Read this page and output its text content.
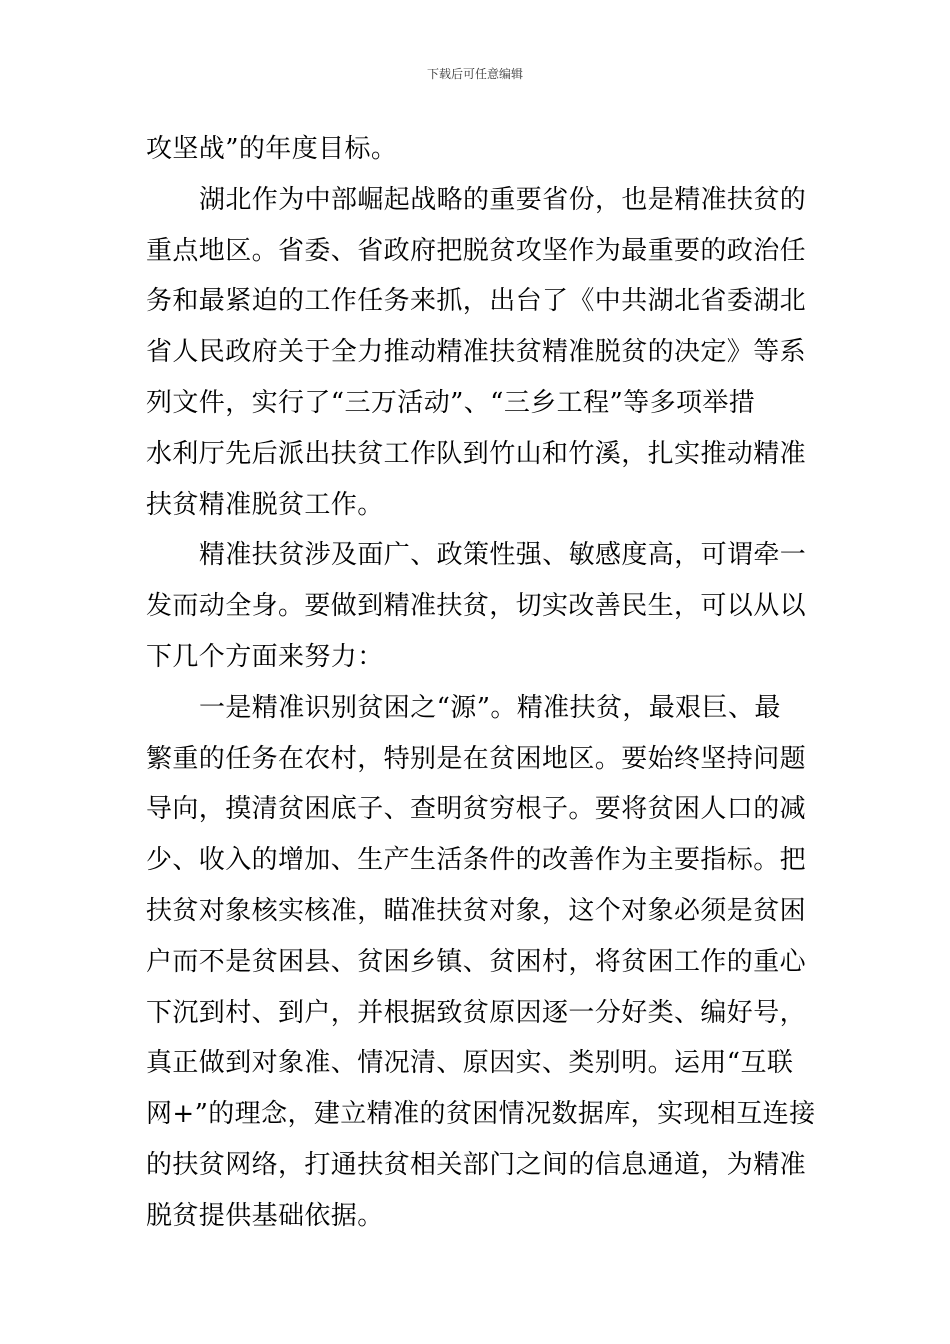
下载后可任意编辑
攻坚战”的年度目标。
湖北作为中部崛起战略的重要省份，也是精准扶贫的
重点地区。省委、省政府把脱贫攻坚作为最重要的政治任
务和最紧迫的工作任务来抓，出台了《中共湖北省委湖北
省人民政府关于全力推动精准扶贫精准脱贫的决定》等系
列文件，实行了“三万活动”、“三乡工程”等多项举措
水利厅先后派出扶贫工作队到竹山和竹溪，扎实推动精准
扶贫精准脱贫工作。
精准扶贫涉及面广、政策性强、敏感度高，可谓牵一
发而动全身。要做到精准扶贫，切实改善民生，可以从以
下几个方面来努力：
一是精准识别贫困之“源”。精准扶贫，最艰巨、最
繁重的任务在农村，特别是在贫困地区。要始终坚持问题
导向，摸清贫困底子、查明贫穷根子。要将贫困人口的减
少、收入的增加、生产生活条件的改善作为主要指标。把
扶贫对象核实核准，瞄准扶贫对象，这个对象必须是贫困
户而不是贫困县、贫困乡镇、贫困村，将贫困工作的重心
下沉到村、到户，并根据致贫原因逐一分好类、编好号，
真正做到对象准、情况清、原因实、类别明。运用“互联
网+”的理念，建立精准的贫困情况数据库，实现相互连接
的扶贫网络，打通扶贫相关部门之间的信息通道，为精准
脱贫提供基础依据。
